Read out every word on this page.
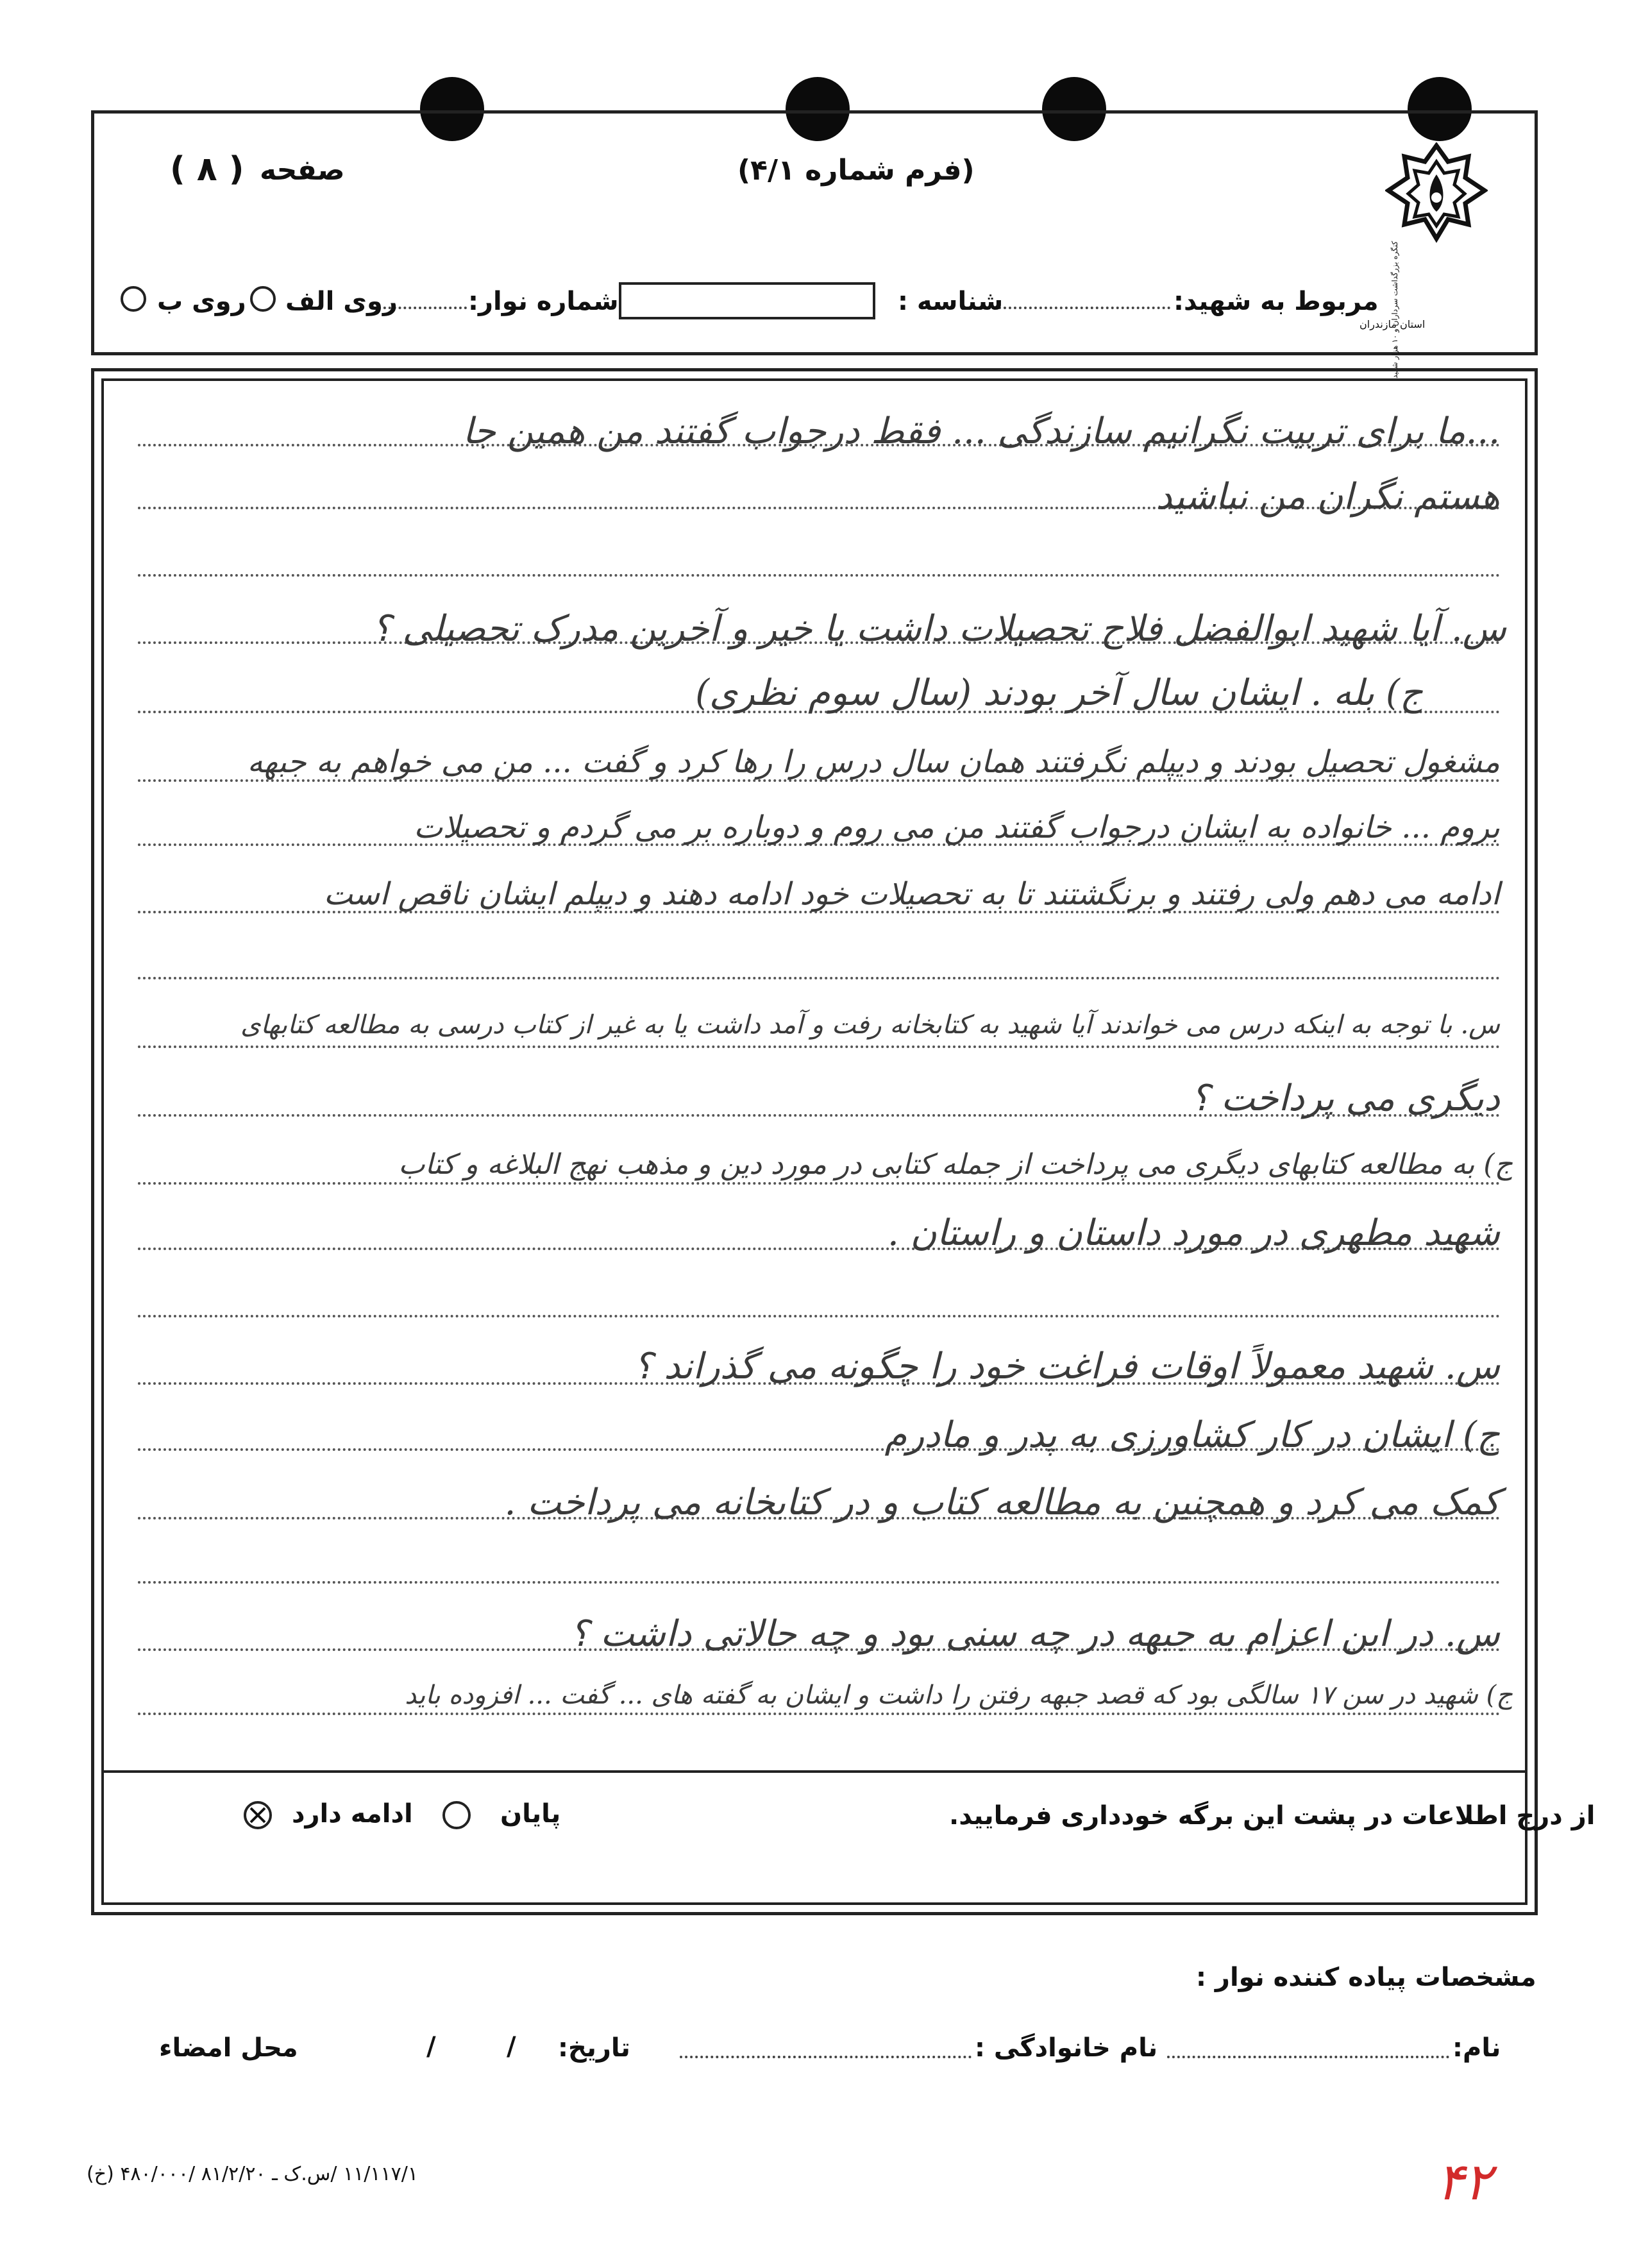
کنگره بزرگداشت سرداران و ۱۰ هزار شهید
استان مازندران
(فرم شماره ۴/۱)
صفحه
( ۸ )
مربوط به شهید:
شناسه :
شماره نوار:
روی الف
روی ب
...ما برای تربیت نگرانیم سازندگی ... فقط درجواب گفتند من همین جا
هستم نگران من نباشید
س. آیا شهید ابوالفضل فلاح تحصیلات داشت یا خیر و آخرین مدرک تحصیلی ؟
ج) بله . ایشان سال آخر بودند (سال سوم نظری)
مشغول تحصیل بودند و دیپلم نگرفتند همان سال درس را رها کرد و گفت ... من می خواهم به جبهه
بروم ... خانواده به ایشان درجواب گفتند من می روم و دوباره بر می گردم و تحصیلات
ادامه می دهم ولی رفتند و برنگشتند تا به تحصیلات خود ادامه دهند و دیپلم ایشان ناقص است
س. با توجه به اینکه درس می خواندند آیا شهید به کتابخانه رفت و آمد داشت یا به غیر از کتاب درسی به مطالعه کتابهای
دیگری می پرداخت ؟
ج) به مطالعه کتابهای دیگری می پرداخت از جمله کتابی در مورد دین و مذهب نهج البلاغه و کتاب
شهید مطهری در مورد داستان و راستان .
س. شهید معمولاً اوقات فراغت خود را چگونه می گذراند ؟
ج) ایشان در کار کشاورزی به پدر و مادرم
کمک می کرد و همچنین به مطالعه کتاب و در کتابخانه می پرداخت .
س. در این اعزام به جبهه در چه سنی بود و چه حالاتی داشت ؟
ج) شهید در سن ۱۷ سالگی بود که قصد جبهه رفتن را داشت و ایشان به گفته های ... گفت ... افزوده باید
از درج اطلاعات در پشت این برگه خودداری فرمایید.
پایان
ادامه دارد
مشخصات پیاده کننده نوار :
نام:
نام خانوادگی :
تاریخ:
/
/
محل امضاء
۱۱/۱۱۷/۱ /س.ک ـ ۸۱/۲/۲۰ /۴۸۰/۰۰۰ (خ)	۴۲
